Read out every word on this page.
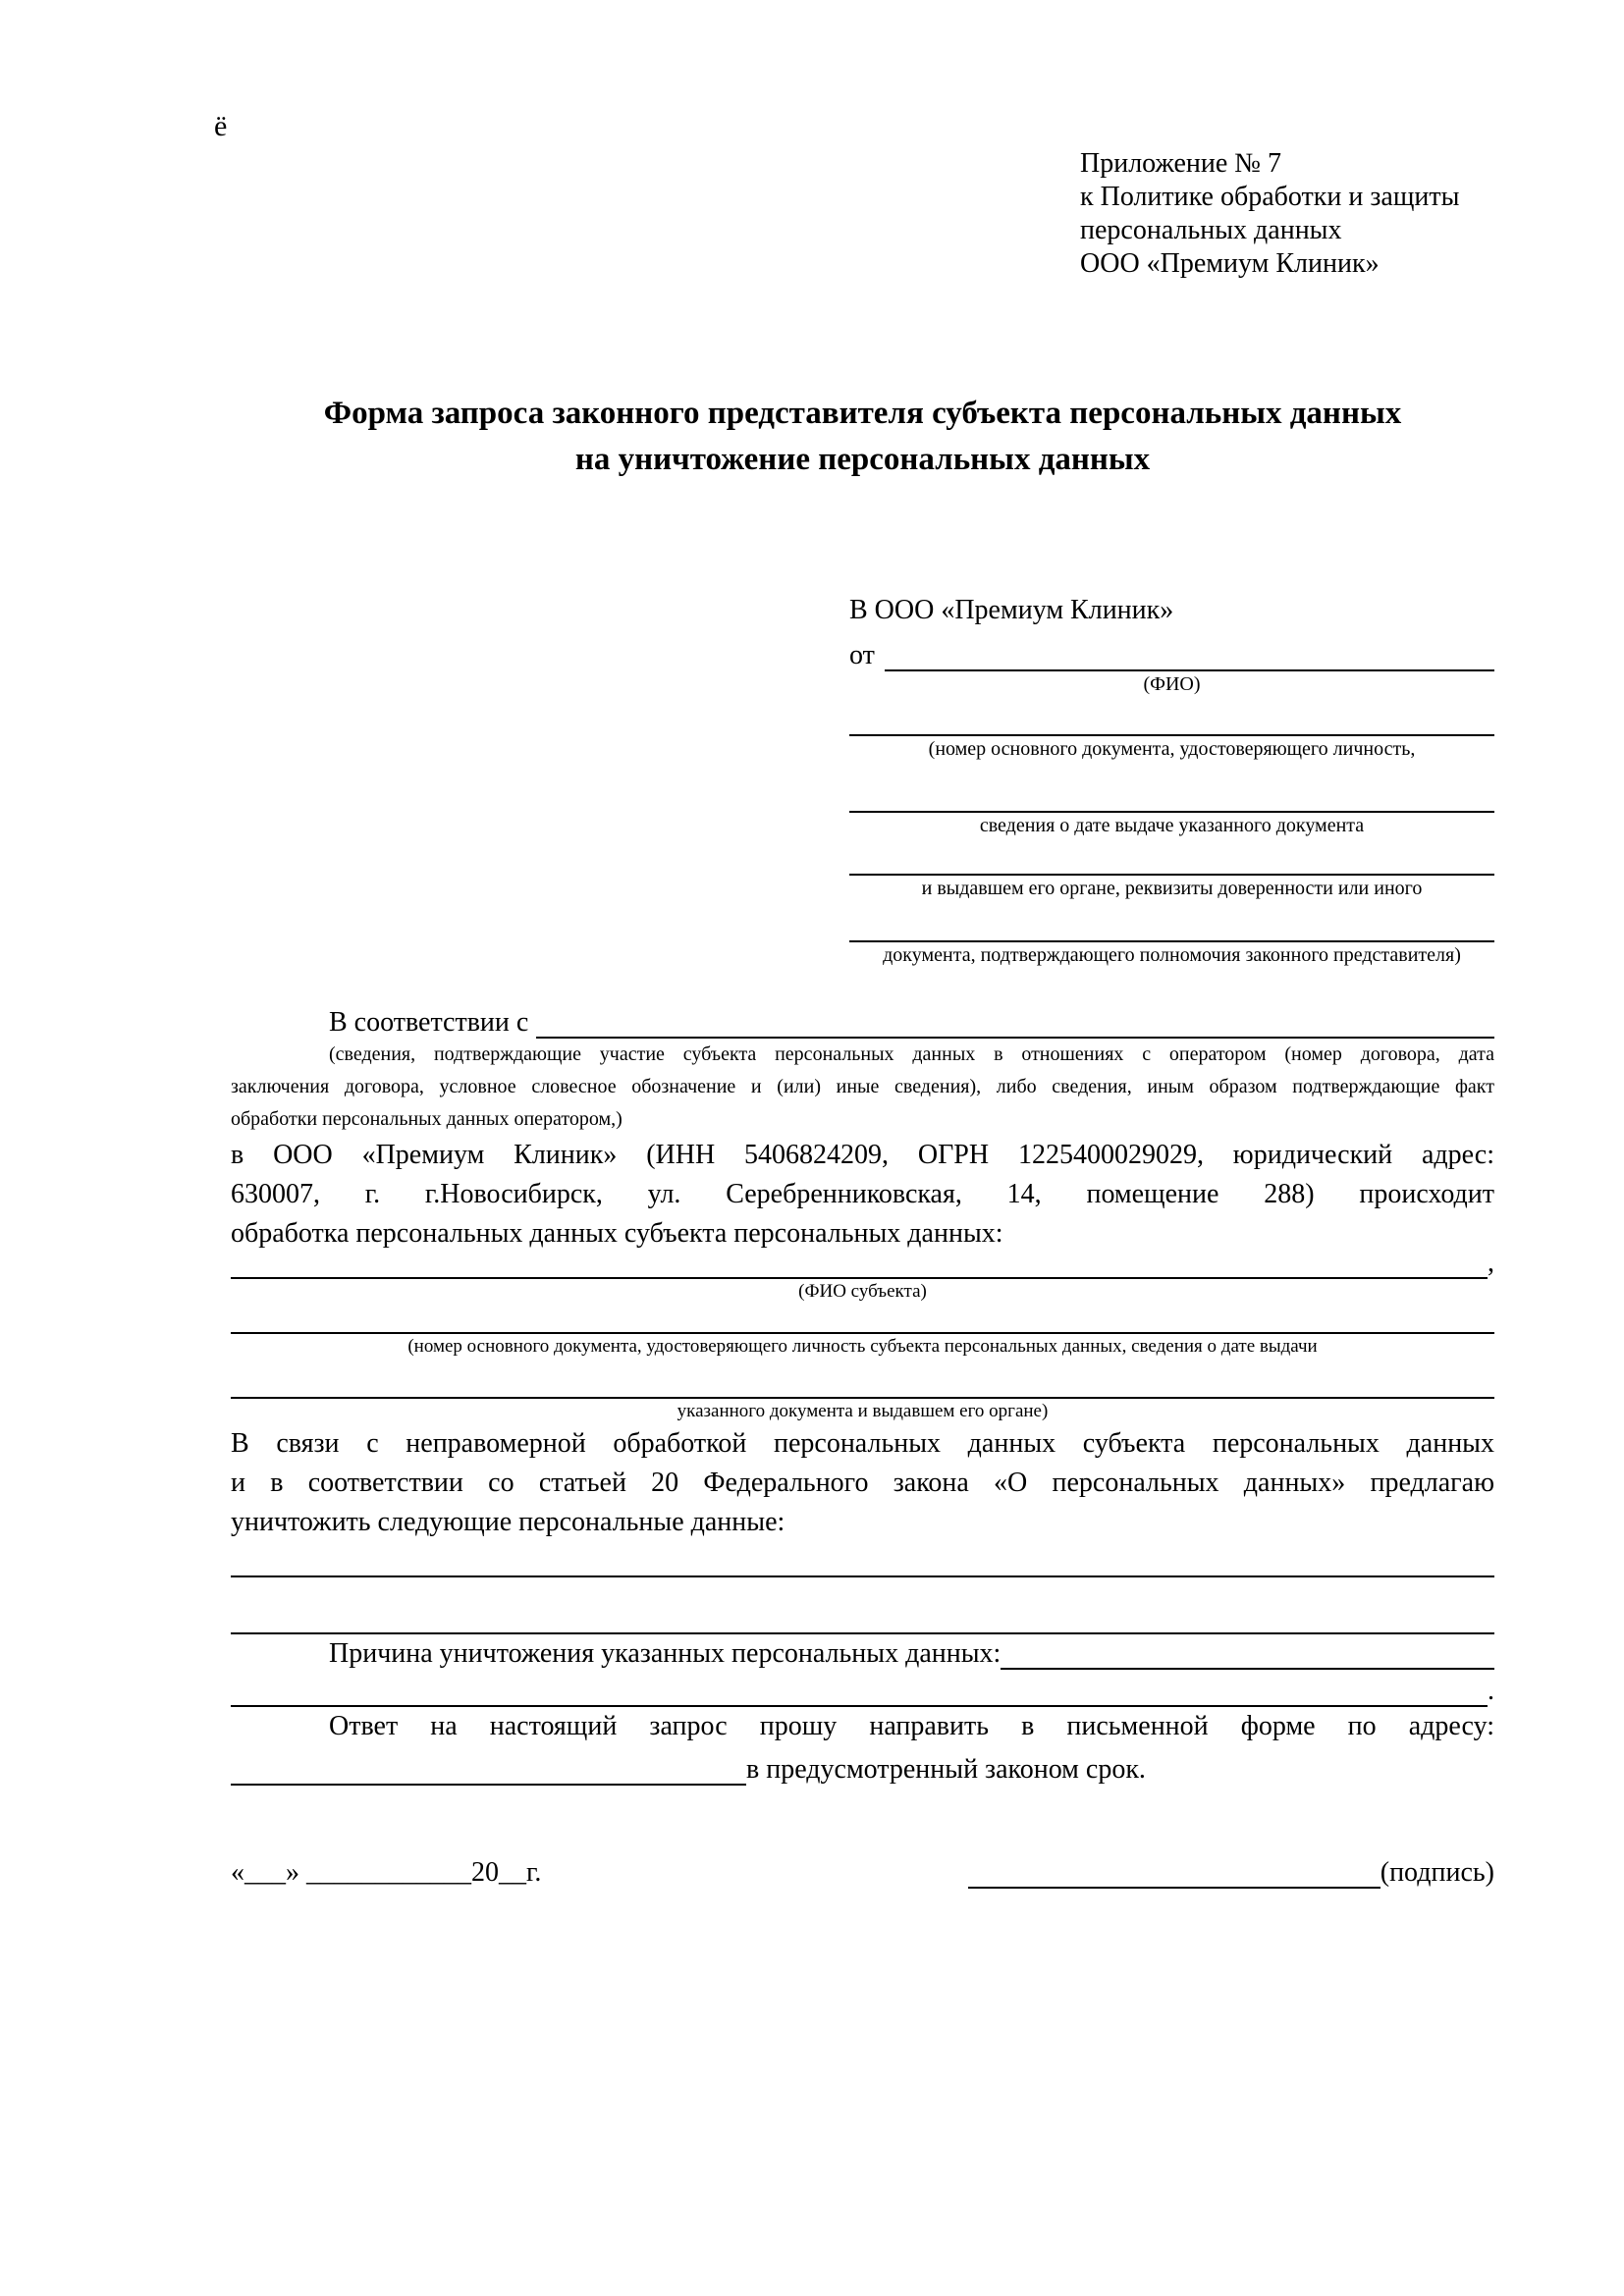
ё
Приложение № 7
к Политике обработки и защиты
персональных данных
ООО «Премиум Клиник»
Форма запроса законного представителя субъекта персональных данных
на уничтожение персональных данных
В ООО «Премиум Клиник»
от
(ФИО)
(номер основного документа, удостоверяющего личность,
сведения о дате выдаче указанного документа
и выдавшем его органе, реквизиты доверенности или иного
документа, подтверждающего полномочия законного представителя)
В соответствии с
(сведения, подтверждающие участие субъекта персональных данных в отношениях с оператором (номер договора, дата
заключения договора, условное словесное обозначение и (или) иные сведения), либо сведения, иным образом подтверждающие факт
обработки персональных данных оператором,)
в ООО «Премиум Клиник» (ИНН 5406824209, ОГРН 1225400029029, юридический адрес:
630007, г. г.Новосибирск, ул. Серебренниковская, 14, помещение 288) происходит
обработка персональных данных субъекта персональных данных:
,
(ФИО субъекта)
(номер основного документа, удостоверяющего личность субъекта персональных данных, сведения о дате выдачи
указанного документа и выдавшем его органе)
В связи с неправомерной обработкой персональных данных субъекта персональных данных
и в соответствии со статьей 20 Федерального закона «О персональных данных» предлагаю
уничтожить следующие персональные данные:
Причина уничтожения указанных персональных данных:
.
Ответ на настоящий запрос прошу направить в письменной форме по адресу:
в предусмотренный законом срок.
«___» ____________20__г.	(подпись)
